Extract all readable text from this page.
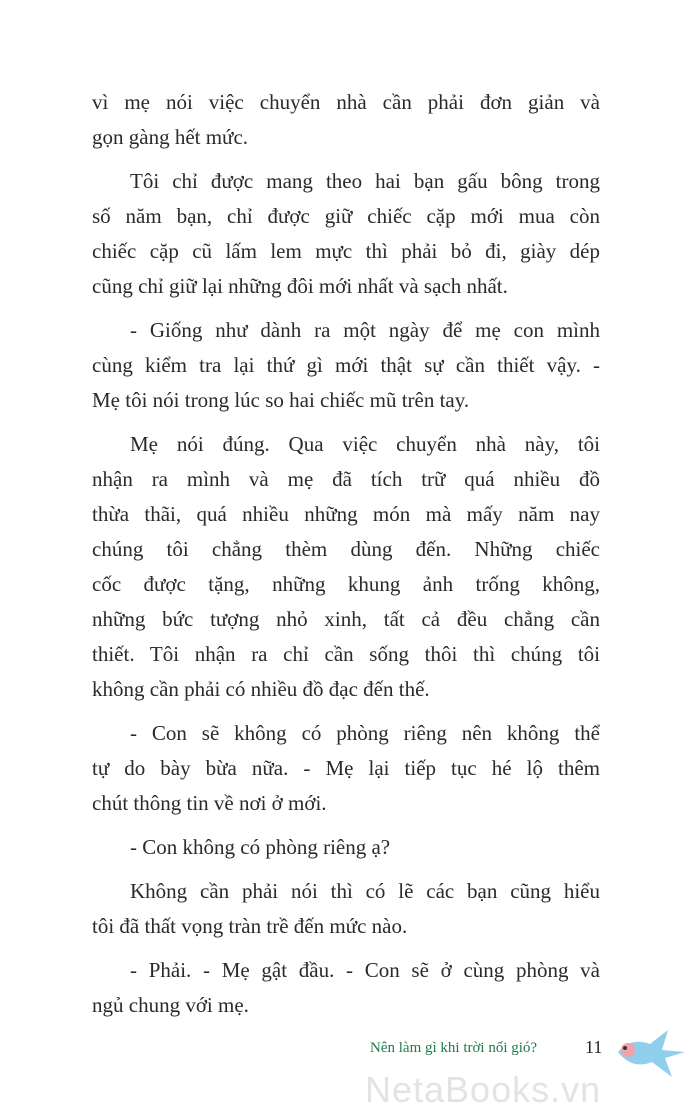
vì mẹ nói việc chuyển nhà cần phải đơn giản và
gọn gàng hết mức.
Tôi chỉ được mang theo hai bạn gấu bông trong
số năm bạn, chỉ được giữ chiếc cặp mới mua còn
chiếc cặp cũ lấm lem mực thì phải bỏ đi, giày dép
cũng chỉ giữ lại những đôi mới nhất và sạch nhất.
- Giống như dành ra một ngày để mẹ con mình
cùng kiểm tra lại thứ gì mới thật sự cần thiết vậy. -
Mẹ tôi nói trong lúc so hai chiếc mũ trên tay.
Mẹ nói đúng. Qua việc chuyển nhà này, tôi
nhận ra mình và mẹ đã tích trữ quá nhiều đồ
thừa thãi, quá nhiều những món mà mấy năm nay
chúng tôi chẳng thèm dùng đến. Những chiếc
cốc được tặng, những khung ảnh trống không,
những bức tượng nhỏ xinh, tất cả đều chẳng cần
thiết. Tôi nhận ra chỉ cần sống thôi thì chúng tôi
không cần phải có nhiều đồ đạc đến thế.
- Con sẽ không có phòng riêng nên không thể
tự do bày bừa nữa. - Mẹ lại tiếp tục hé lộ thêm
chút thông tin về nơi ở mới.
- Con không có phòng riêng ạ?
Không cần phải nói thì có lẽ các bạn cũng hiểu
tôi đã thất vọng tràn trề đến mức nào.
- Phải. - Mẹ gật đầu. - Con sẽ ở cùng phòng và
ngủ chung với mẹ.
NetaBooks.vn
Nên làm gì khi trời nổi gió?	11
